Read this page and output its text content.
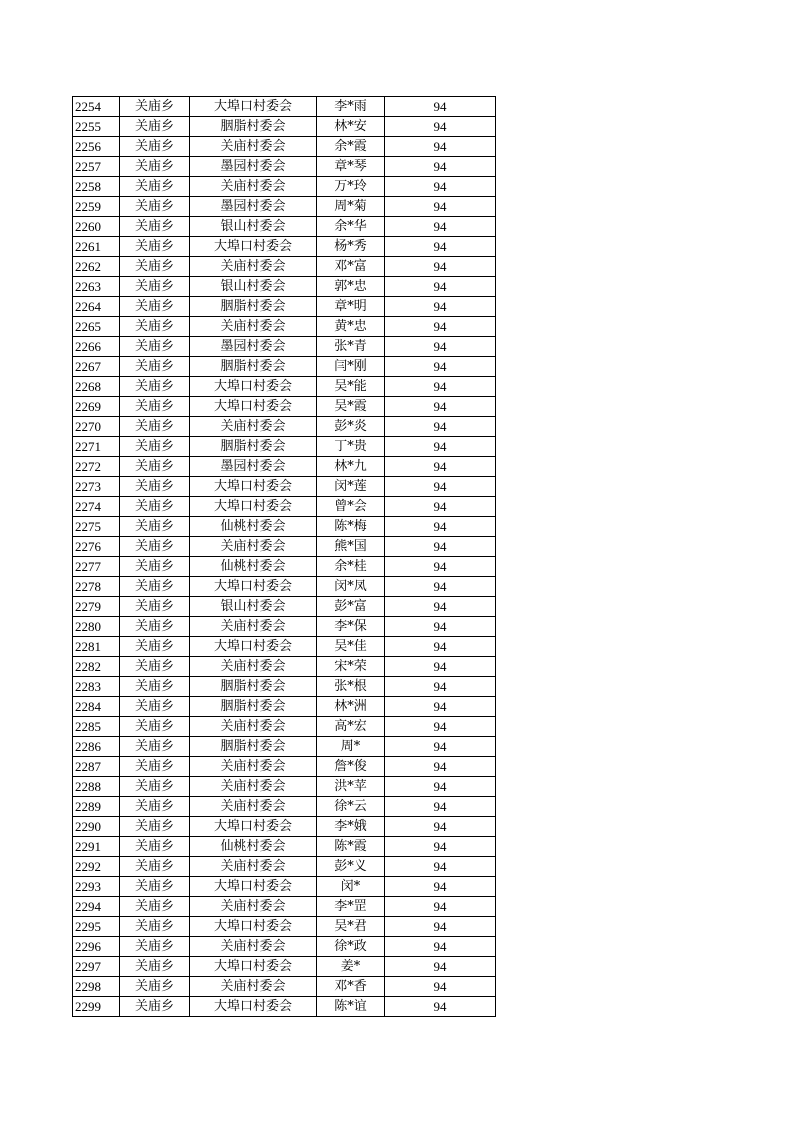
2254	关庙乡	大埠口村委会	李*雨	94
2255	关庙乡	胭脂村委会	林*安	94
2256	关庙乡	关庙村委会	余*霞	94
2257	关庙乡	墨园村委会	章*琴	94
2258	关庙乡	关庙村委会	万*玲	94
2259	关庙乡	墨园村委会	周*菊	94
2260	关庙乡	银山村委会	余*华	94
2261	关庙乡	大埠口村委会	杨*秀	94
2262	关庙乡	关庙村委会	邓*富	94
2263	关庙乡	银山村委会	郭*忠	94
2264	关庙乡	胭脂村委会	章*明	94
2265	关庙乡	关庙村委会	黄*忠	94
2266	关庙乡	墨园村委会	张*青	94
2267	关庙乡	胭脂村委会	闫*刚	94
2268	关庙乡	大埠口村委会	吴*能	94
2269	关庙乡	大埠口村委会	吴*霞	94
2270	关庙乡	关庙村委会	彭*炎	94
2271	关庙乡	胭脂村委会	丁*贵	94
2272	关庙乡	墨园村委会	林*九	94
2273	关庙乡	大埠口村委会	闵*莲	94
2274	关庙乡	大埠口村委会	曾*会	94
2275	关庙乡	仙桃村委会	陈*梅	94
2276	关庙乡	关庙村委会	熊*国	94
2277	关庙乡	仙桃村委会	余*桂	94
2278	关庙乡	大埠口村委会	闵*凤	94
2279	关庙乡	银山村委会	彭*富	94
2280	关庙乡	关庙村委会	李*保	94
2281	关庙乡	大埠口村委会	吴*佳	94
2282	关庙乡	关庙村委会	宋*荣	94
2283	关庙乡	胭脂村委会	张*根	94
2284	关庙乡	胭脂村委会	林*洲	94
2285	关庙乡	关庙村委会	高*宏	94
2286	关庙乡	胭脂村委会	周*	94
2287	关庙乡	关庙村委会	詹*俊	94
2288	关庙乡	关庙村委会	洪*苹	94
2289	关庙乡	关庙村委会	徐*云	94
2290	关庙乡	大埠口村委会	李*娥	94
2291	关庙乡	仙桃村委会	陈*霞	94
2292	关庙乡	关庙村委会	彭*义	94
2293	关庙乡	大埠口村委会	闵*	94
2294	关庙乡	关庙村委会	李*罡	94
2295	关庙乡	大埠口村委会	吴*君	94
2296	关庙乡	关庙村委会	徐*政	94
2297	关庙乡	大埠口村委会	姜*	94
2298	关庙乡	关庙村委会	邓*香	94
2299	关庙乡	大埠口村委会	陈*谊	94
